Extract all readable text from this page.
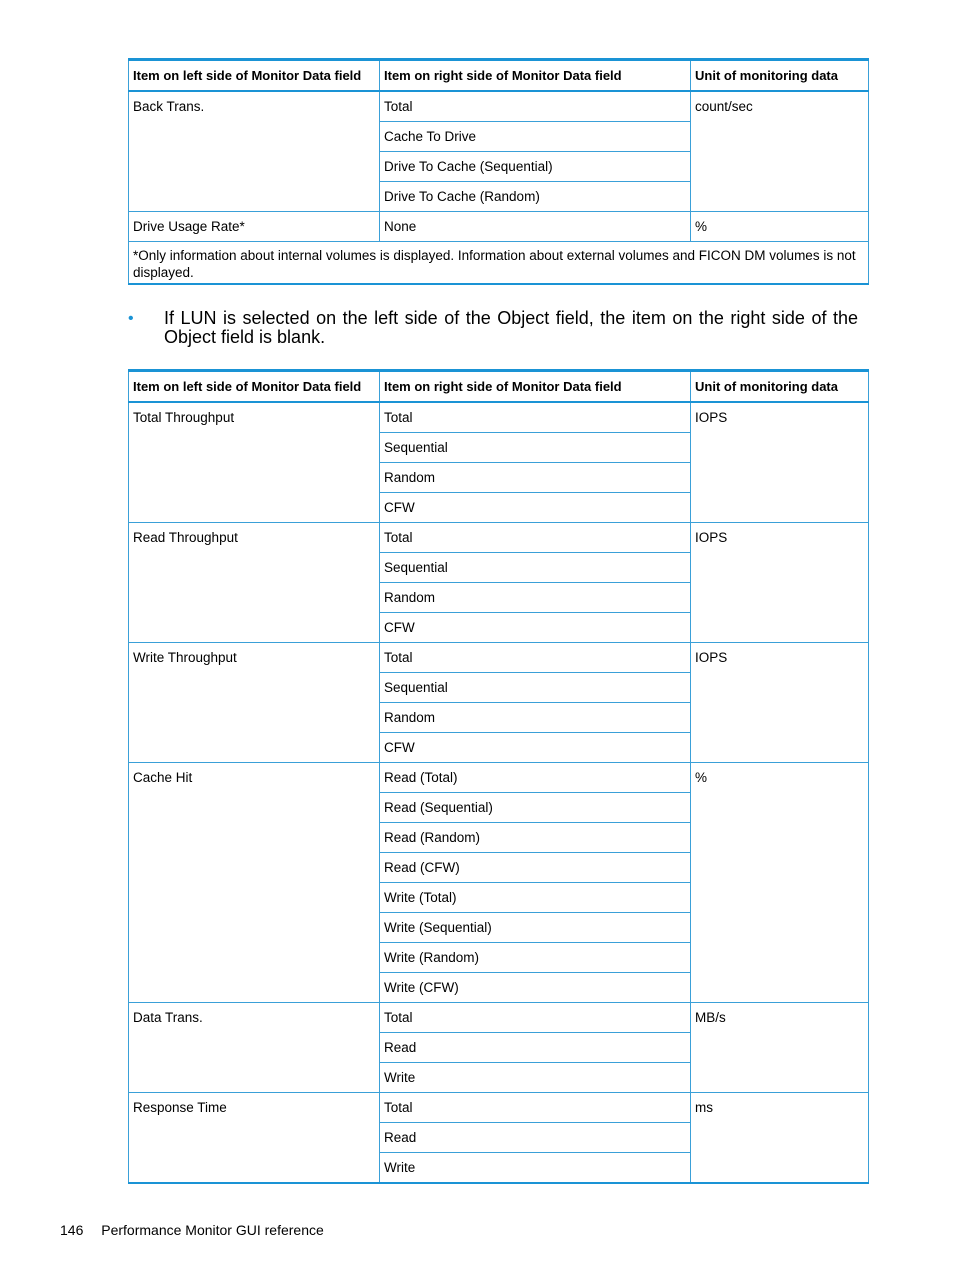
Item on left side of Monitor Data field	Item on right side of Monitor Data field	Unit of monitoring data
Back Trans.	Total	count/sec
	Cache To Drive	
	Drive To Cache (Sequential)	
	Drive To Cache (Random)	
Drive Usage Rate*	None	%
*Only information about internal volumes is displayed. Information about external volumes and FICON DM volumes is not displayed.		
• If LUN is selected on the left side of the Object field, the item on the right side of the Object field is blank.
Item on left side of Monitor Data field	Item on right side of Monitor Data field	Unit of monitoring data
Total Throughput	Total	IOPS
	Sequential	
	Random	
	CFW	
Read Throughput	Total	IOPS
	Sequential	
	Random	
	CFW	
Write Throughput	Total	IOPS
	Sequential	
	Random	
	CFW	
Cache Hit	Read (Total)	%
	Read (Sequential)	
	Read (Random)	
	Read (CFW)	
	Write (Total)	
	Write (Sequential)	
	Write (Random)	
	Write (CFW)	
Data Trans.	Total	MB/s
	Read	
	Write	
Response Time	Total	ms
	Read	
	Write	
146 Performance Monitor GUI reference
